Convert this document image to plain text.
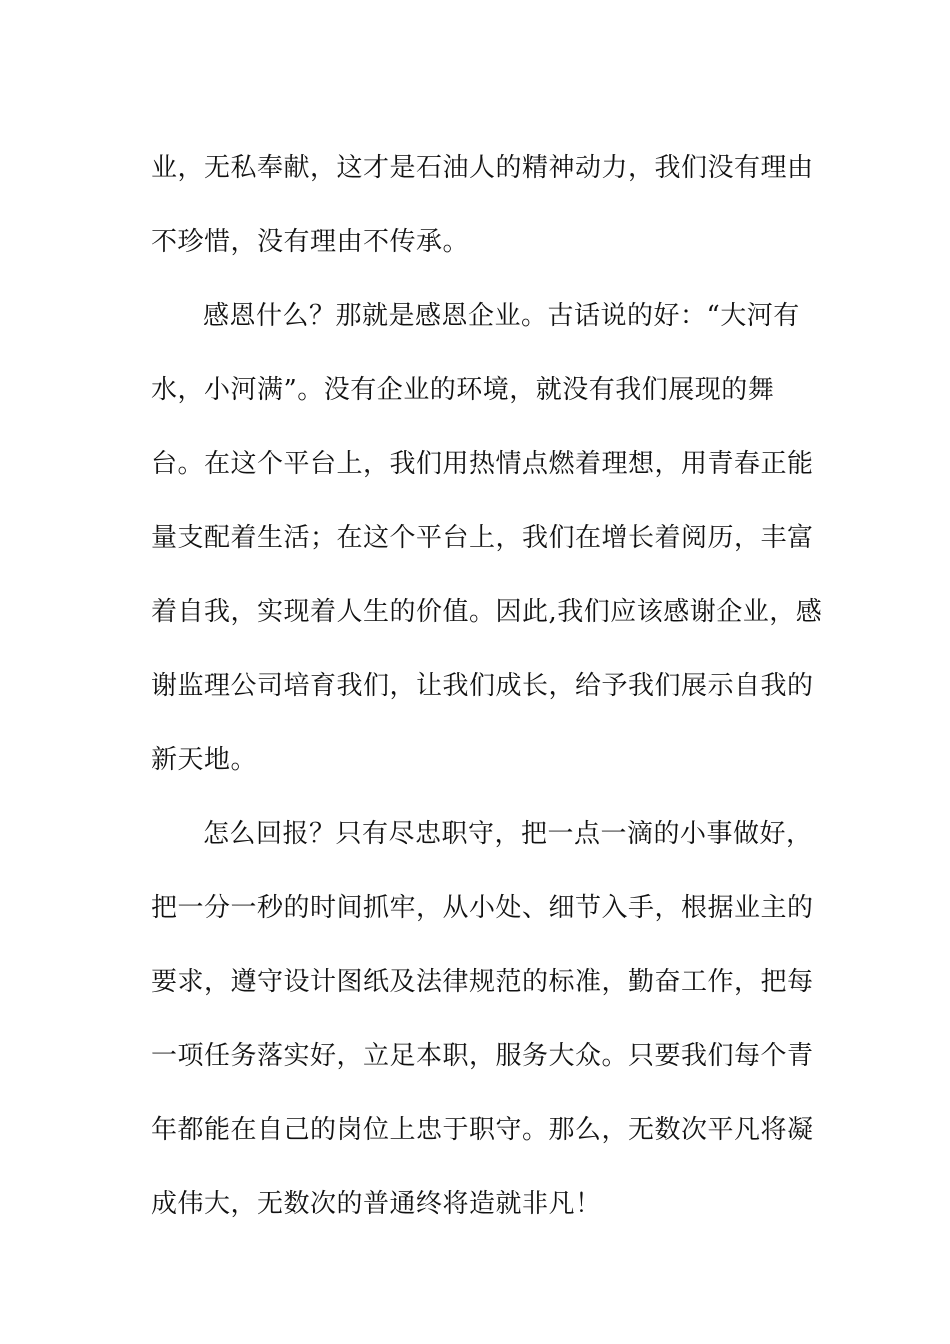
业，无私奉献，这才是石油人的精神动力，我们没有理由
不珍惜，没有理由不传承。
感恩什么？那就是感恩企业。古话说的好：“大河有
水，小河满”。没有企业的环境，就没有我们展现的舞
台。在这个平台上，我们用热情点燃着理想，用青春正能
量支配着生活；在这个平台上，我们在增长着阅历，丰富
着自我，实现着人生的价值。因此,我们应该感谢企业，感
谢监理公司培育我们，让我们成长，给予我们展示自我的
新天地。
怎么回报？只有尽忠职守，把一点一滴的小事做好，
把一分一秒的时间抓牢，从小处、细节入手，根据业主的
要求，遵守设计图纸及法律规范的标准，勤奋工作，把每
一项任务落实好，立足本职，服务大众。只要我们每个青
年都能在自己的岗位上忠于职守。那么，无数次平凡将凝
成伟大，无数次的普通终将造就非凡！
